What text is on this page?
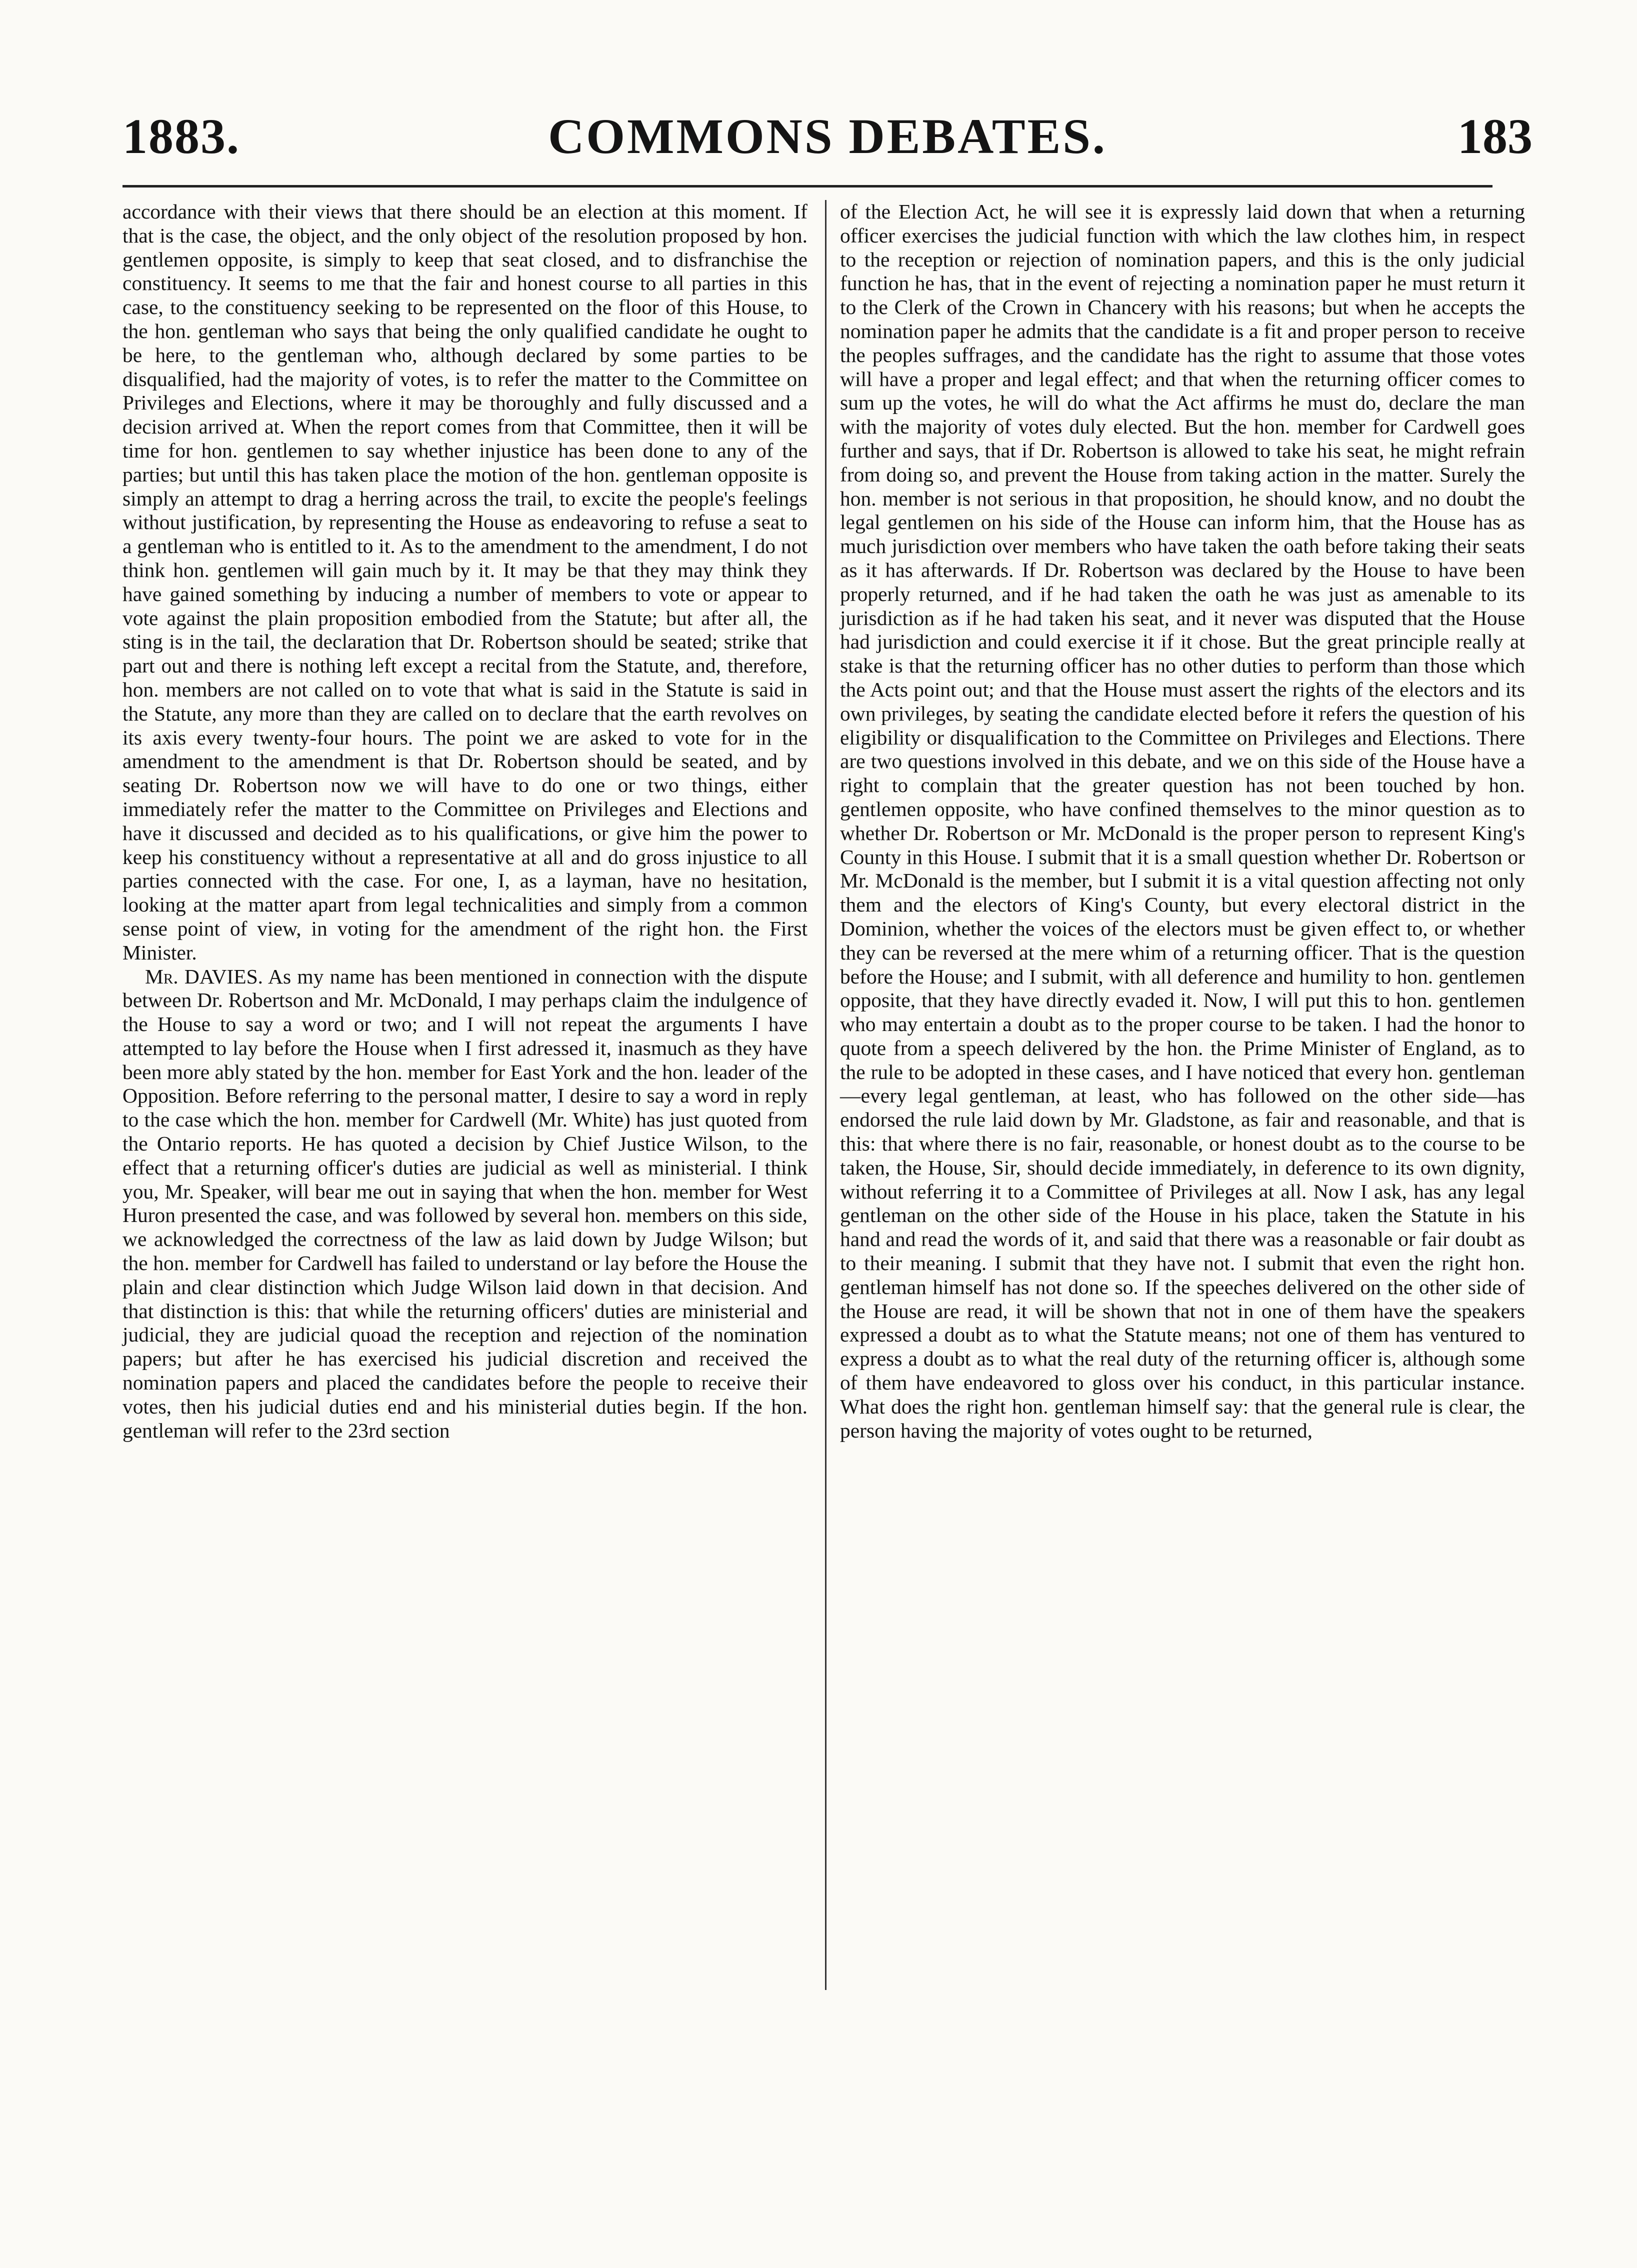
1883.	COMMONS DEBATES.	183

accordance with their views that there should be an election at this moment. If that is the case, the object, and the only object of the resolution proposed by hon. gentlemen opposite, is simply to keep that seat closed, and to disfranchise the constituency. It seems to me that the fair and honest course to all parties in this case, to the constituency seeking to be represented on the floor of this House, to the hon. gentleman who says that being the only qualified candidate he ought to be here, to the gentleman who, although declared by some parties to be disqualified, had the majority of votes, is to refer the matter to the Committee on Privileges and Elections, where it may be thoroughly and fully discussed and a decision arrived at. When the report comes from that Committee, then it will be time for hon. gentlemen to say whether injustice has been done to any of the parties; but until this has taken place the motion of the hon. gentleman opposite is simply an attempt to drag a herring across the trail, to excite the people's feelings without justification, by representing the House as endeavoring to refuse a seat to a gentleman who is entitled to it. As to the amendment to the amendment, I do not think hon. gentlemen will gain much by it. It may be that they may think they have gained something by inducing a number of members to vote or appear to vote against the plain proposition embodied from the Statute; but after all, the sting is in the tail, the declaration that Dr. Robertson should be seated; strike that part out and there is nothing left except a recital from the Statute, and, therefore, hon. members are not called on to vote that what is said in the Statute is said in the Statute, any more than they are called on to declare that the earth revolves on its axis every twenty-four hours. The point we are asked to vote for in the amendment to the amendment is that Dr. Robertson should be seated, and by seating Dr. Robertson now we will have to do one or two things, either immediately refer the matter to the Committee on Privileges and Elections and have it discussed and decided as to his qualifications, or give him the power to keep his constituency without a representative at all and do gross injustice to all parties connected with the case. For one, I, as a layman, have no hesitation, looking at the matter apart from legal technicalities and simply from a common sense point of view, in voting for the amendment of the right hon. the First Minister.

Mr. DAVIES. As my name has been mentioned in connection with the dispute between Dr. Robertson and Mr. McDonald, I may perhaps claim the indulgence of the House to say a word or two; and I will not repeat the arguments I have attempted to lay before the House when I first adressed it, inasmuch as they have been more ably stated by the hon. member for East York and the hon. leader of the Opposition. Before referring to the personal matter, I desire to say a word in reply to the case which the hon. member for Cardwell (Mr. White) has just quoted from the Ontario reports. He has quoted a decision by Chief Justice Wilson, to the effect that a returning officer's duties are judicial as well as ministerial. I think you, Mr. Speaker, will bear me out in saying that when the hon. member for West Huron presented the case, and was followed by several hon. members on this side, we acknowledged the correctness of the law as laid down by Judge Wilson; but the hon. member for Cardwell has failed to understand or lay before the House the plain and clear distinction which Judge Wilson laid down in that decision. And that distinction is this: that while the returning officers' duties are ministerial and judicial, they are judicial quoad the reception and rejection of the nomination papers; but after he has exercised his judicial discretion and received the nomination papers and placed the candidates before the people to receive their votes, then his judicial duties end and his ministerial duties begin. If the hon. gentleman will refer to the 23rd section

of the Election Act, he will see it is expressly laid down that when a returning officer exercises the judicial function with which the law clothes him, in respect to the reception or rejection of nomination papers, and this is the only judicial function he has, that in the event of rejecting a nomination paper he must return it to the Clerk of the Crown in Chancery with his reasons; but when he accepts the nomination paper he admits that the candidate is a fit and proper person to receive the peoples suffrages, and the candidate has the right to assume that those votes will have a proper and legal effect; and that when the returning officer comes to sum up the votes, he will do what the Act affirms he must do, declare the man with the majority of votes duly elected. But the hon. member for Cardwell goes further and says, that if Dr. Robertson is allowed to take his seat, he might refrain from doing so, and prevent the House from taking action in the matter. Surely the hon. member is not serious in that proposition, he should know, and no doubt the legal gentlemen on his side of the House can inform him, that the House has as much jurisdiction over members who have taken the oath before taking their seats as it has afterwards. If Dr. Robertson was declared by the House to have been properly returned, and if he had taken the oath he was just as amenable to its jurisdiction as if he had taken his seat, and it never was disputed that the House had jurisdiction and could exercise it if it chose. But the great principle really at stake is that the returning officer has no other duties to perform than those which the Acts point out; and that the House must assert the rights of the electors and its own privileges, by seating the candidate elected before it refers the question of his eligibility or disqualification to the Committee on Privileges and Elections. There are two questions involved in this debate, and we on this side of the House have a right to complain that the greater question has not been touched by hon. gentlemen opposite, who have confined themselves to the minor question as to whether Dr. Robertson or Mr. McDonald is the proper person to represent King's County in this House. I submit that it is a small question whether Dr. Robertson or Mr. McDonald is the member, but I submit it is a vital question affecting not only them and the electors of King's County, but every electoral district in the Dominion, whether the voices of the electors must be given effect to, or whether they can be reversed at the mere whim of a returning officer. That is the question before the House; and I submit, with all deference and humility to hon. gentlemen opposite, that they have directly evaded it. Now, I will put this to hon. gentlemen who may entertain a doubt as to the proper course to be taken. I had the honor to quote from a speech delivered by the hon. the Prime Minister of England, as to the rule to be adopted in these cases, and I have noticed that every hon. gentleman—every legal gentleman, at least, who has followed on the other side—has endorsed the rule laid down by Mr. Gladstone, as fair and reasonable, and that is this: that where there is no fair, reasonable, or honest doubt as to the course to be taken, the House, Sir, should decide immediately, in deference to its own dignity, without referring it to a Committee of Privileges at all. Now I ask, has any legal gentleman on the other side of the House in his place, taken the Statute in his hand and read the words of it, and said that there was a reasonable or fair doubt as to their meaning. I submit that they have not. I submit that even the right hon. gentleman himself has not done so. If the speeches delivered on the other side of the House are read, it will be shown that not in one of them have the speakers expressed a doubt as to what the Statute means; not one of them has ventured to express a doubt as to what the real duty of the returning officer is, although some of them have endeavored to gloss over his conduct, in this particular instance. What does the right hon. gentleman himself say: that the general rule is clear, the person having the majority of votes ought to be returned,
